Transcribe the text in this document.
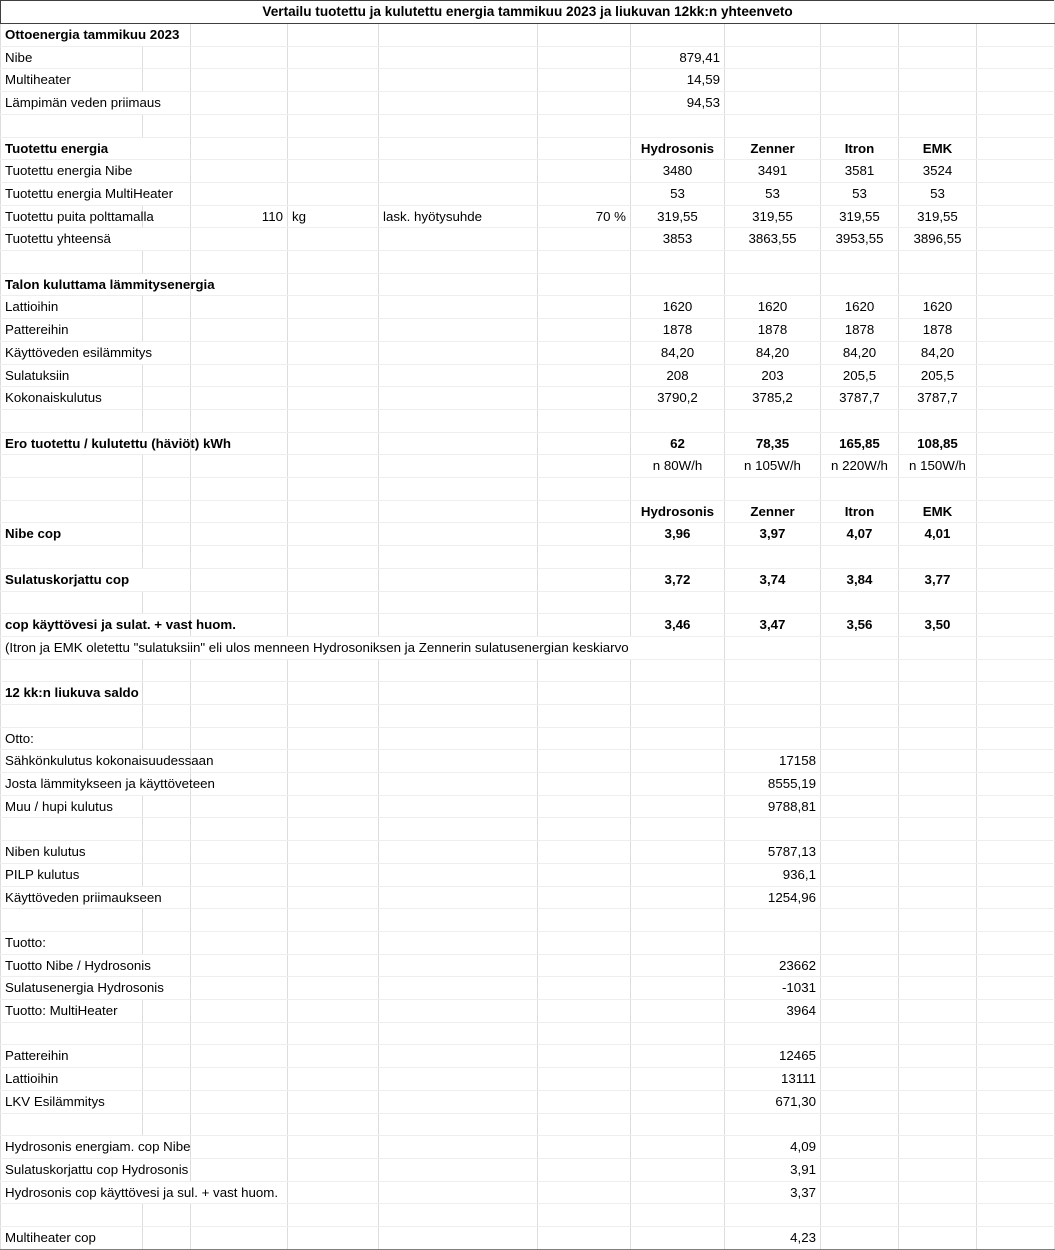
Vertailu tuotettu ja kulutettu energia tammikuu 2023 ja liukuvan 12kk:n yhteenveto										
Ottoenergia tammikuu 2023										
Nibe						879,41				
Multiheater						14,59				
Lämpimän veden priimaus						94,53				

Tuotettu energia						Hydrosonis	Zenner	Itron	EMK	
Tuotettu energia Nibe						3480	3491	3581	3524	
Tuotettu energia MultiHeater						53	53	53	53	
Tuotettu puita polttamalla		110	kg	lask. hyötysuhde	70 %	319,55	319,55	319,55	319,55	
Tuotettu yhteensä						3853	3863,55	3953,55	3896,55	

Talon kuluttama lämmitysenergia										
Lattioihin						1620	1620	1620	1620	
Pattereihin						1878	1878	1878	1878	
Käyttöveden esilämmitys						84,20	84,20	84,20	84,20	
Sulatuksiin						208	203	205,5	205,5	
Kokonaiskulutus						3790,2	3785,2	3787,7	3787,7	

Ero tuotettu / kulutettu (häviöt) kWh						62	78,35	165,85	108,85	
						n 80W/h	n 105W/h	n 220W/h	n 150W/h	

						Hydrosonis	Zenner	Itron	EMK	
Nibe cop						3,96	3,97	4,07	4,01	

Sulatuskorjattu cop						3,72	3,74	3,84	3,77	

cop käyttövesi ja sulat. + vast huom.						3,46	3,47	3,56	3,50	
(Itron ja EMK oletettu "sulatuksiin" eli ulos menneen Hydrosoniksen ja Zennerin sulatusenergian keskiarvo										

12 kk:n liukuva saldo										

Otto:										
Sähkönkulutus kokonaisuudessaan							17158			
Josta lämmitykseen ja käyttöveteen							8555,19			
Muu / hupi kulutus							9788,81			

Niben kulutus							5787,13			
PILP kulutus							936,1			
Käyttöveden priimaukseen							1254,96			

Tuotto:										
Tuotto Nibe / Hydrosonis							23662			
Sulatusenergia Hydrosonis							-1031			
Tuotto: MultiHeater							3964			

Pattereihin							12465			
Lattioihin							13111			
LKV Esilämmitys							671,30			

Hydrosonis energiam. cop Nibe							4,09			
Sulatuskorjattu cop Hydrosonis							3,91			
Hydrosonis cop käyttövesi ja sul. + vast huom.							3,37			

Multiheater cop							4,23			
